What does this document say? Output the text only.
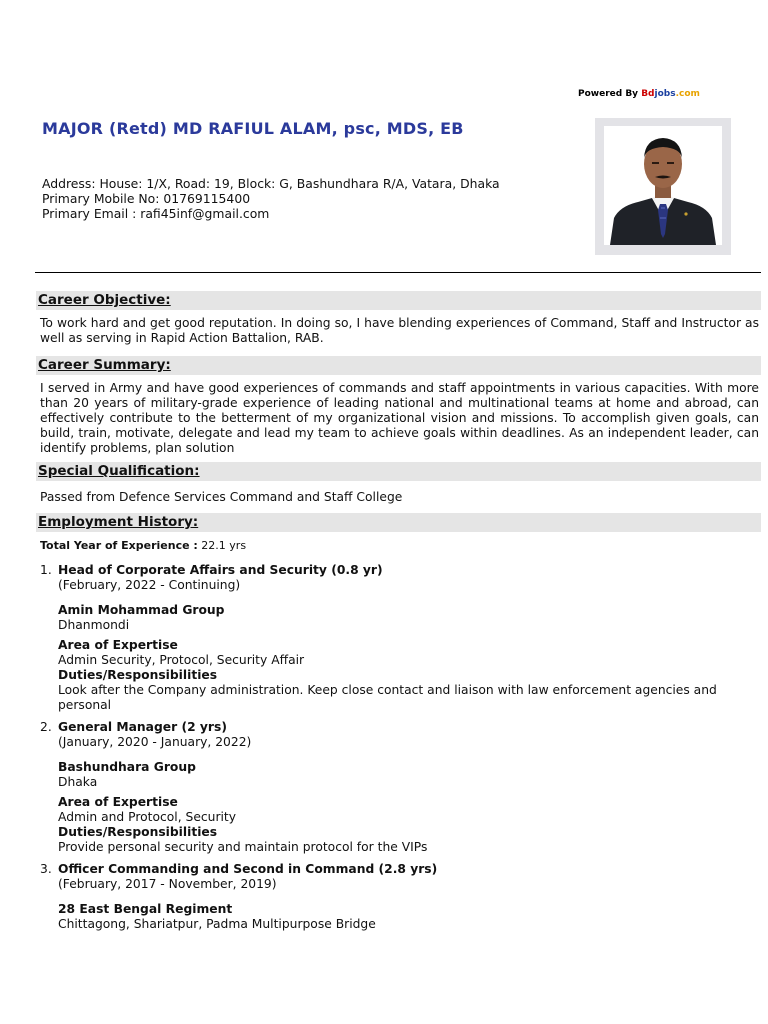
Powered By Bdjobs.com
MAJOR (Retd) MD RAFIUL ALAM, psc, MDS, EB
Address: House: 1/X, Road: 19, Block: G, Bashundhara R/A, Vatara, Dhaka
Primary Mobile No: 01769115400
Primary Email : rafi45inf@gmail.com
Career Objective:
To work hard and get good reputation. In doing so, I have blending experiences of Command, Staff and Instructor as well as serving in Rapid Action Battalion, RAB.
Career Summary:
I served in Army and have good experiences of commands and staff appointments in various capacities. With more than 20 years of military-grade experience of leading national and multinational teams at home and abroad, can effectively contribute to the betterment of my organizational vision and missions. To accomplish given goals, can build, train, motivate, delegate and lead my team to achieve goals within deadlines. As an independent leader, can identify problems, plan solution
Special Qualification:
Passed from Defence Services Command and Staff College
Employment History:
Total Year of Experience : 22.1 yrs
1. Head of Corporate Affairs and Security (0.8 yr)
(February, 2022 - Continuing)
Amin Mohammad Group
Dhanmondi
Area of Expertise
Admin Security, Protocol, Security Affair
Duties/Responsibilities
Look after the Company administration. Keep close contact and liaison with law enforcement agencies and personal
2. General Manager (2 yrs)
(January, 2020 - January, 2022)
Bashundhara Group
Dhaka
Area of Expertise
Admin and Protocol, Security
Duties/Responsibilities
Provide personal security and maintain protocol for the VIPs
3. Officer Commanding and Second in Command (2.8 yrs)
(February, 2017 - November, 2019)
28 East Bengal Regiment
Chittagong, Shariatpur, Padma Multipurpose Bridge
